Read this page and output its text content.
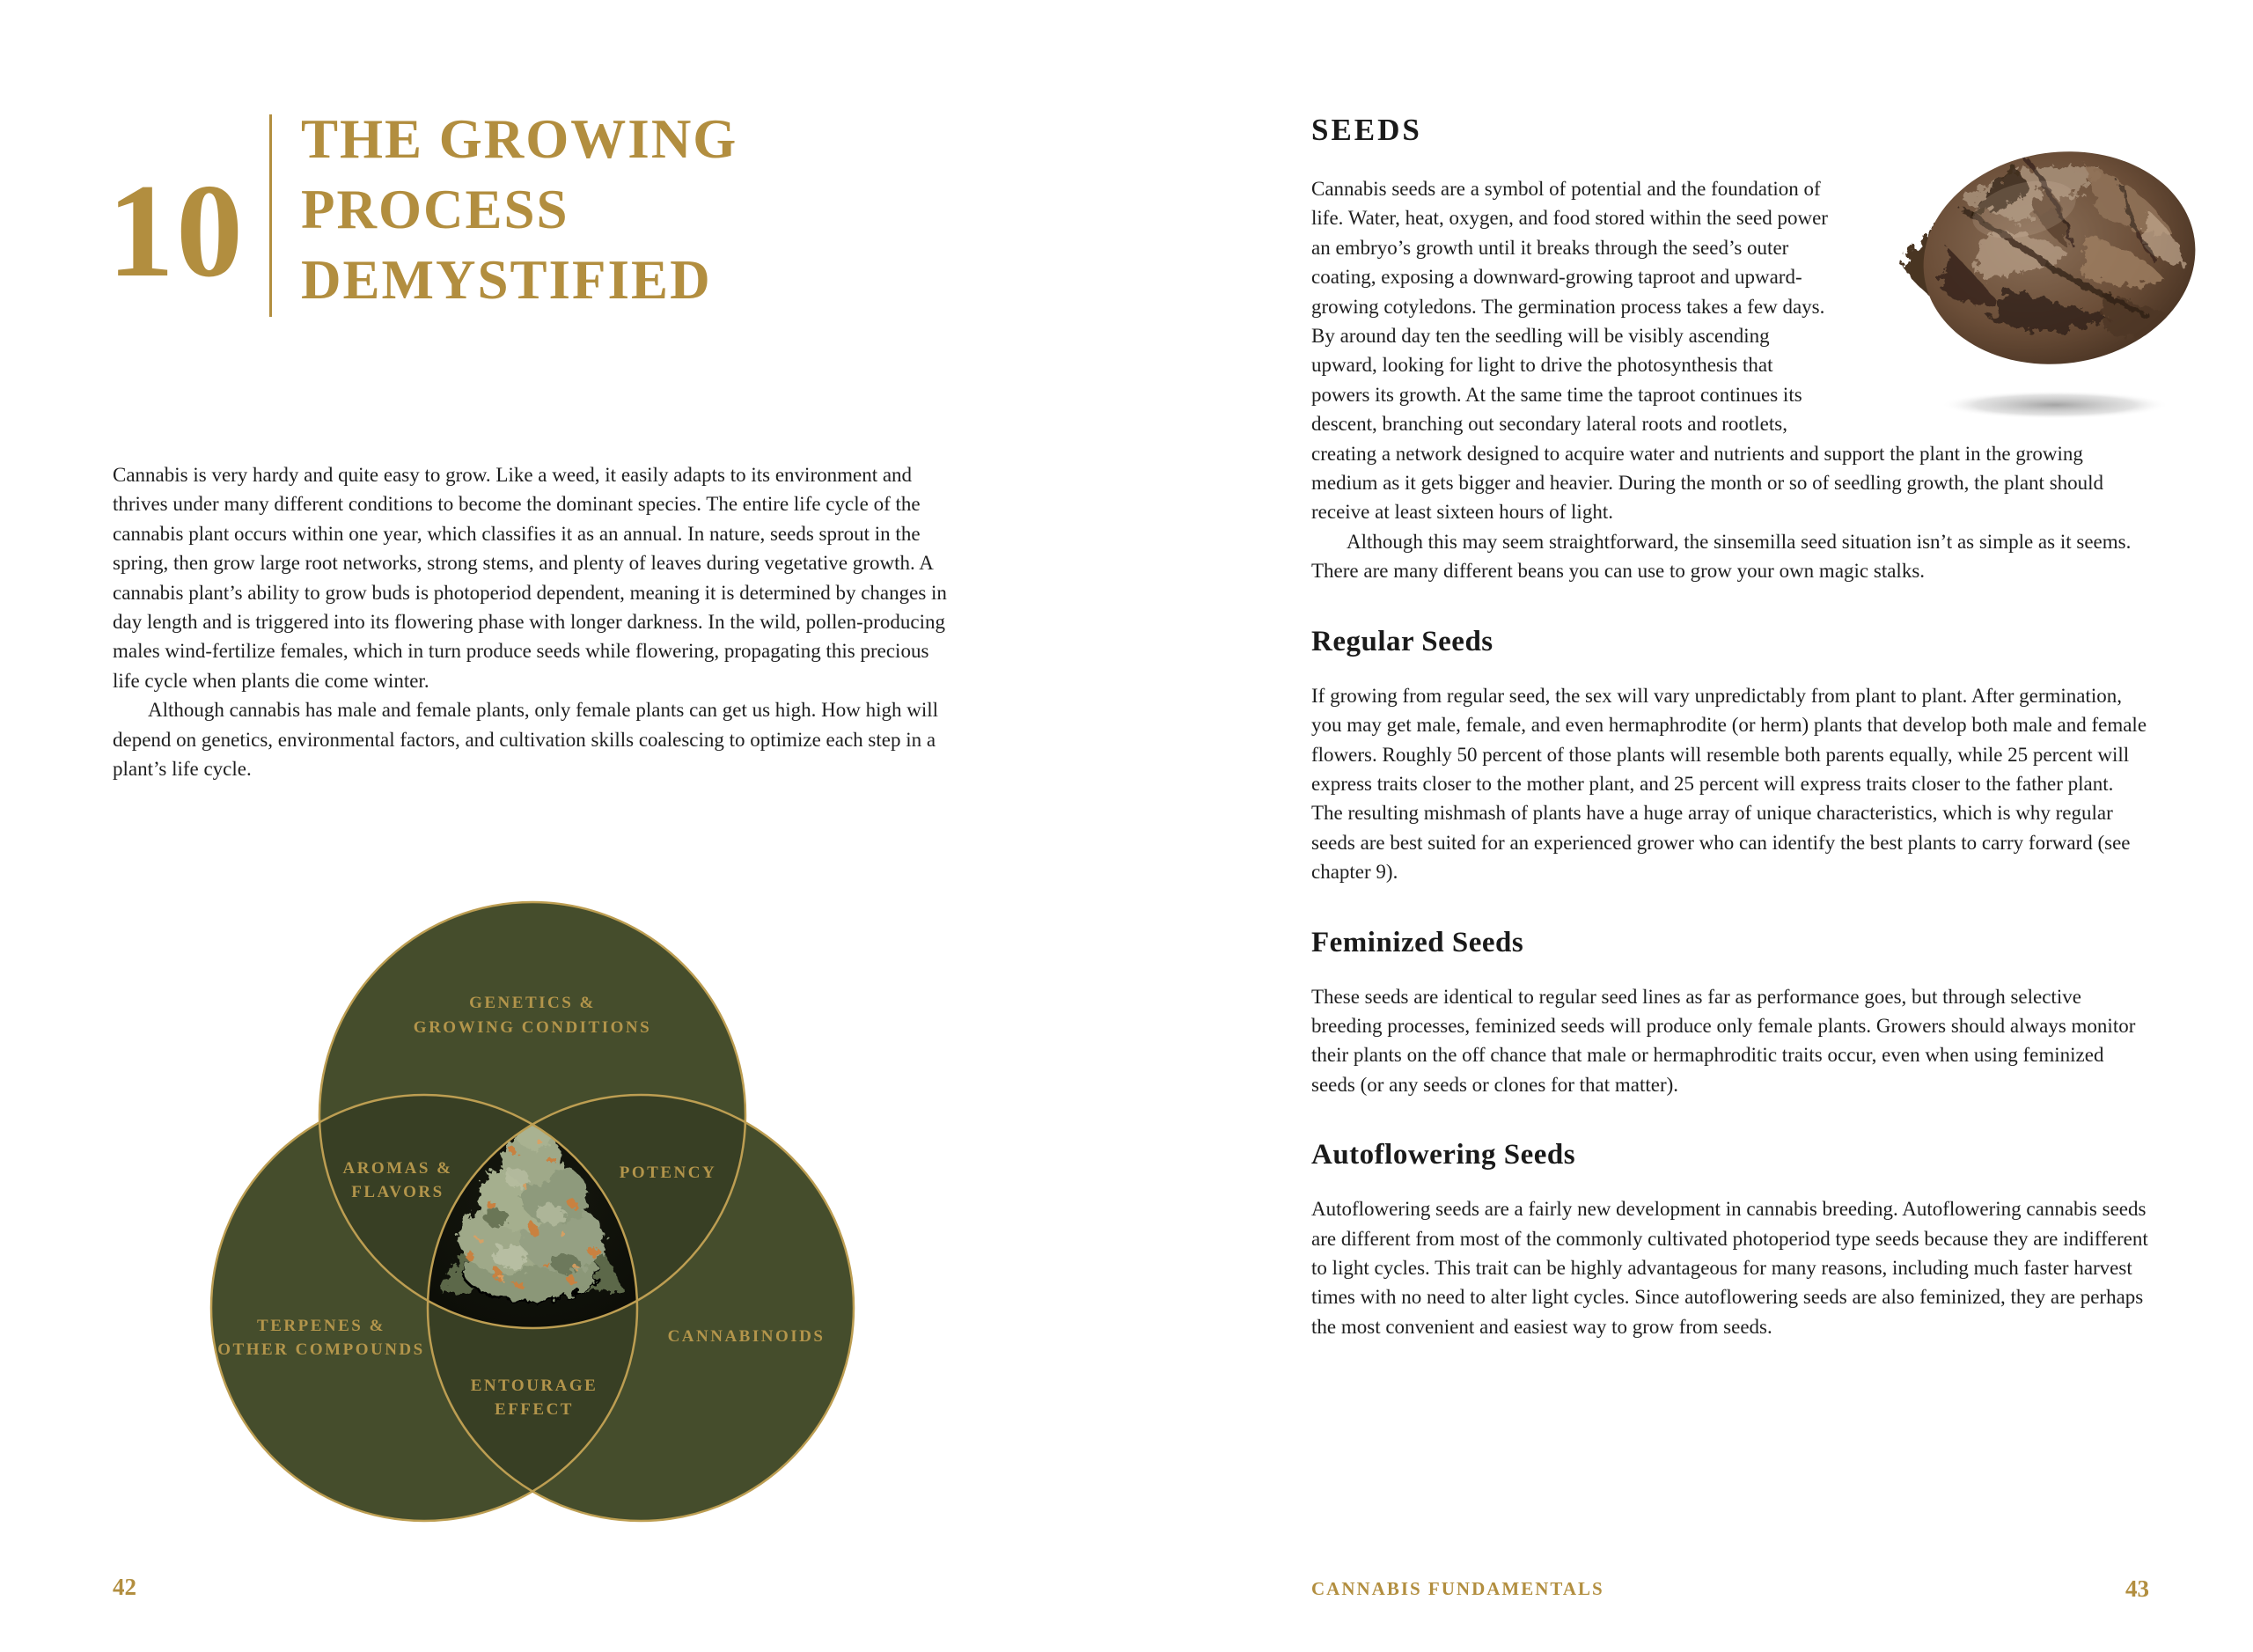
10
THE GROWING
PROCESS
DEMYSTIFIED

Cannabis is very hardy and quite easy to grow. Like a weed, it easily adapts to its environment and thrives under many different conditions to become the dominant species. The entire life cycle of the cannabis plant occurs within one year, which classifies it as an annual. In nature, seeds sprout in the spring, then grow large root networks, strong stems, and plenty of leaves during vegetative growth. A cannabis plant’s ability to grow buds is photoperiod dependent, meaning it is determined by changes in day length and is triggered into its flowering phase with longer darkness. In the wild, pollen-producing males wind-fertilize females, which in turn produce seeds while flowering, propagating this precious life cycle when plants die come winter.

Although cannabis has male and female plants, only female plants can get us high. How high will depend on genetics, environmental factors, and cultivation skills coalescing to optimize each step in a plant’s life cycle.

GENETICS &
GROWING CONDITIONS
AROMAS &
FLAVORS
POTENCY
TERPENES &
OTHER COMPOUNDS
CANNABINOIDS
ENTOURAGE
EFFECT
42
SEEDS

Cannabis seeds are a symbol of potential and the foundation of life. Water, heat, oxygen, and food stored within the seed power an embryo’s growth until it breaks through the seed’s outer coating, exposing a downward-growing taproot and upward-growing cotyledons. The germination process takes a few days. By around day ten the seedling will be visibly ascending upward, looking for light to drive the photosynthesis that powers its growth. At the same time the taproot continues its descent, branching out secondary lateral roots and rootlets, creating a network designed to acquire water and nutrients and support the plant in the growing medium as it gets bigger and heavier. During the month or so of seedling growth, the plant should receive at least sixteen hours of light.

Although this may seem straightforward, the sinsemilla seed situation isn’t as simple as it seems. There are many different beans you can use to grow your own magic stalks.

Regular Seeds

If growing from regular seed, the sex will vary unpredictably from plant to plant. After germination, you may get male, female, and even hermaphrodite (or herm) plants that develop both male and female flowers. Roughly 50 percent of those plants will resemble both parents equally, while 25 percent will express traits closer to the mother plant, and 25 percent will express traits closer to the father plant. The resulting mishmash of plants have a huge array of unique characteristics, which is why regular seeds are best suited for an experienced grower who can identify the best plants to carry forward (see chapter 9).

Feminized Seeds

These seeds are identical to regular seed lines as far as performance goes, but through selective breeding processes, feminized seeds will produce only female plants. Growers should always monitor their plants on the off chance that male or hermaphroditic traits occur, even when using feminized seeds (or any seeds or clones for that matter).

Autoflowering Seeds

Autoflowering seeds are a fairly new development in cannabis breeding. Autoflowering cannabis seeds are different from most of the commonly cultivated photoperiod type seeds because they are indifferent to light cycles. This trait can be highly advantageous for many reasons, including much faster harvest times with no need to alter light cycles. Since autoflowering seeds are also feminized, they are perhaps the most convenient and easiest way to grow from seeds.

CANNABIS FUNDAMENTALS	43
